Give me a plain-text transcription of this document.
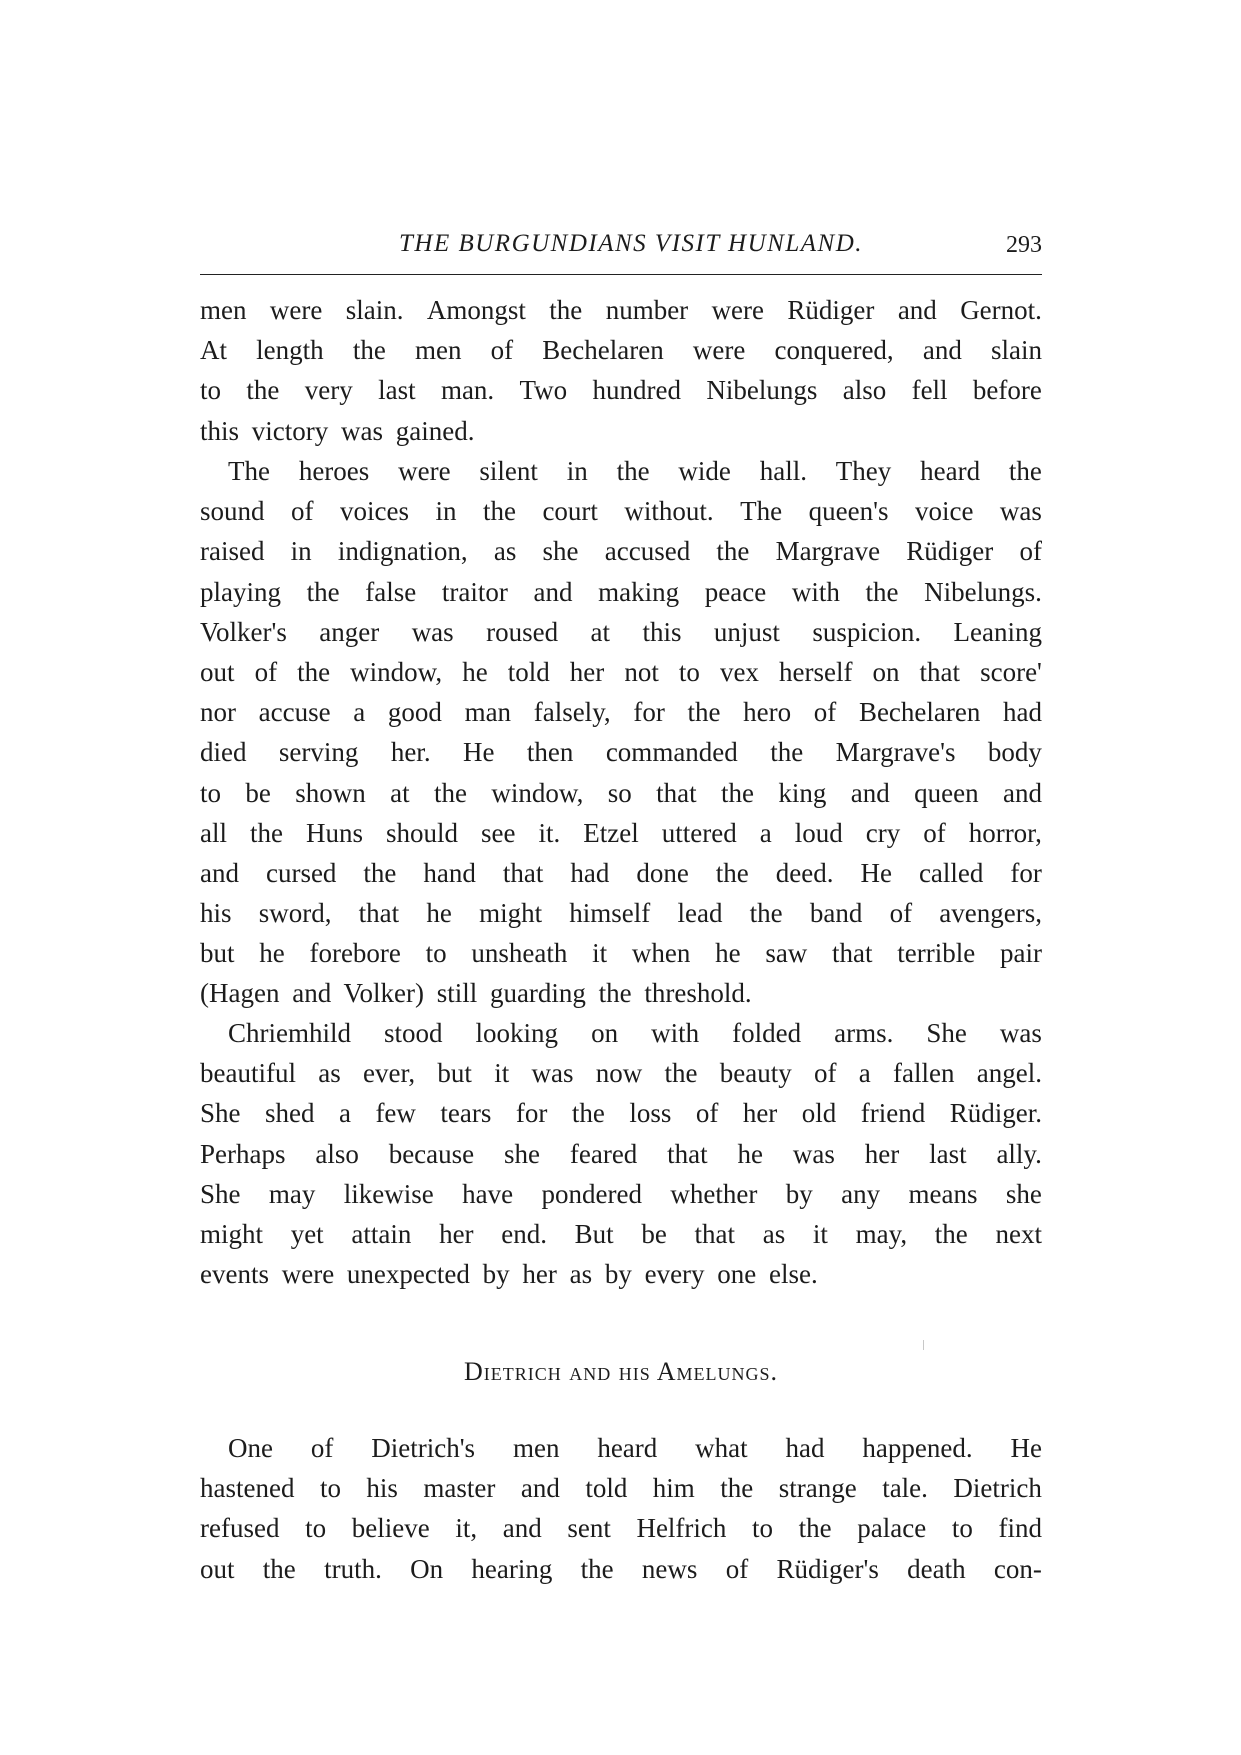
THE BURGUNDIANS VISIT HUNLAND.	293
men were slain. Amongst the number were Rüdiger and Gernot.
At length the men of Bechelaren were conquered, and slain
to the very last man. Two hundred Nibelungs also fell before
this victory was gained.
The heroes were silent in the wide hall. They heard the
sound of voices in the court without. The queen's voice was
raised in indignation, as she accused the Margrave Rüdiger of
playing the false traitor and making peace with the Nibelungs.
Volker's anger was roused at this unjust suspicion. Leaning
out of the window, he told her not to vex herself on that score'
nor accuse a good man falsely, for the hero of Bechelaren had
died serving her. He then commanded the Margrave's body
to be shown at the window, so that the king and queen and
all the Huns should see it. Etzel uttered a loud cry of horror,
and cursed the hand that had done the deed. He called for
his sword, that he might himself lead the band of avengers,
but he forebore to unsheath it when he saw that terrible pair
(Hagen and Volker) still guarding the threshold.
Chriemhild stood looking on with folded arms. She was
beautiful as ever, but it was now the beauty of a fallen angel.
She shed a few tears for the loss of her old friend Rüdiger.
Perhaps also because she feared that he was her last ally.
She may likewise have pondered whether by any means she
might yet attain her end. But be that as it may, the next
events were unexpected by her as by every one else.
Dietrich and his Amelungs.
One of Dietrich's men heard what had happened. He
hastened to his master and told him the strange tale. Dietrich
refused to believe it, and sent Helfrich to the palace to find
out the truth. On hearing the news of Rüdiger's death con-
